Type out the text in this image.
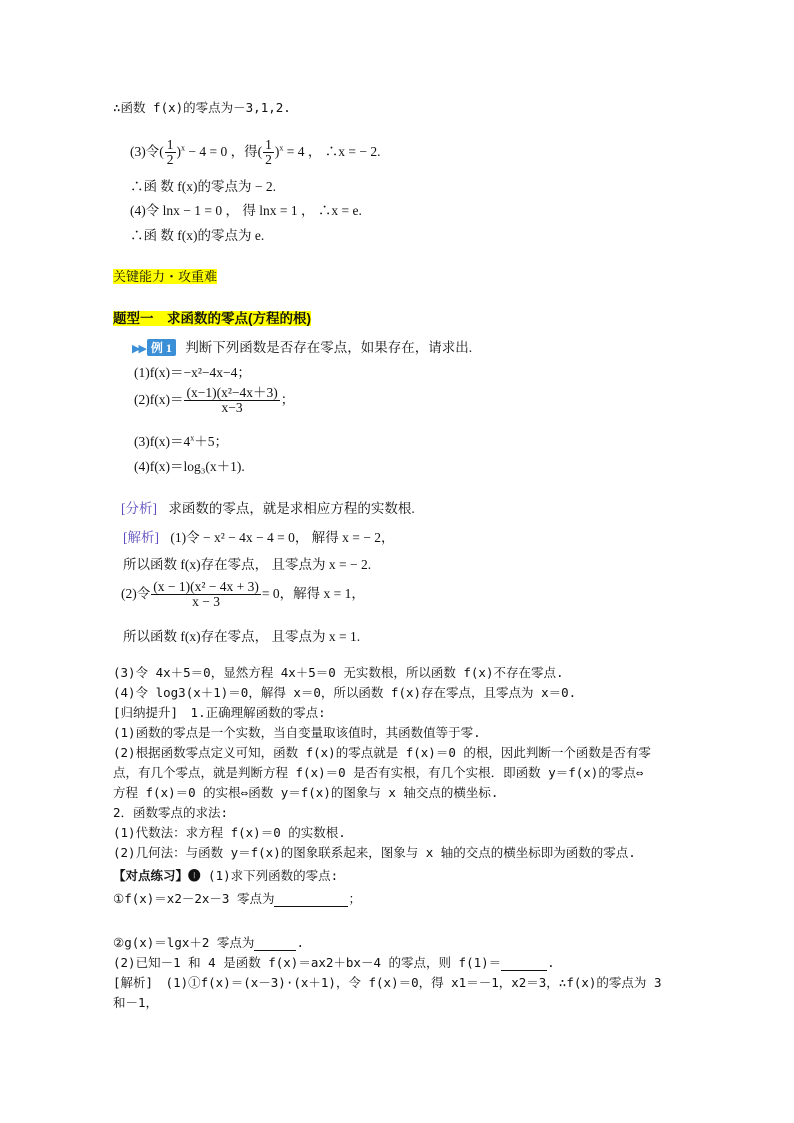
∴函数 f(x)的零点为－3,1,2.
(3)令( $\frac{1}{2} )^x - 4 = 0$ ，得( $\frac{1}{2} )^x = 4$ ， ∴x = − 2.
∴函 数 f(x)的零点为 − 2.
(4)令 lnx − 1 = 0 ， 得 lnx = 1 ， ∴x = e.
∴函 数 f(x)的零点为 e.
关键能力・攻重难
题型一　求函数的零点(方程的根)
▶▶ 例 1 判断下列函数是否存在零点，如果存在，请求出.
(1)f(x)＝−x²−4x−4；
$(2)f(x)= \frac{\text{(x−1)(x²−4x＋3)}}{x-3}$ ；
$(3)f(x)=4^x+5$；
(4)f(x)＝log₃(x＋1).
[分析] 求函数的零点，就是求相应方程的实数根.
[解析] (1)令 − x² − 4x − 4 = 0， 解得 x = − 2，
所以函数 f(x)存在零点， 且零点为 x = − 2.
(2)令 $\frac{\text{(x − 1)(x² − 4x + 3)}}{x - 3} = 0$，解得 x = 1，
所以函数 f(x)存在零点， 且零点为 x = 1.
(3)令 4x＋5＝0，显然方程 4x＋5＝0 无实数根，所以函数 f(x)不存在零点.
(4)令 log3(x＋1)＝0，解得 x＝0，所以函数 f(x)存在零点，且零点为 x＝0.
[归纳提升]　1.正确理解函数的零点:
(1)函数的零点是一个实数，当自变量取该值时，其函数值等于零.
(2)根据函数零点定义可知，函数 f(x)的零点就是 f(x)＝0 的根，因此判断一个函数是否有零
点，有几个零点，就是判断方程 f(x)＝0 是否有实根，有几个实根．即函数 y＝f(x)的零点⇔
方程 f(x)＝0 的实根⇔函数 y＝f(x)的图象与 x 轴交点的横坐标.
2．函数零点的求法:
(1)代数法：求方程 f(x)＝0 的实数根.
(2)几何法：与函数 y＝f(x)的图象联系起来，图象与 x 轴的交点的横坐标即为函数的零点.
【对点练习】❶ (1)求下列函数的零点:
①f(x)＝x2－2x－3 零点为	；
②g(x)＝lgx＋2 零点为	.
(2)已知－1 和 4 是函数 f(x)＝ax2＋bx－4 的零点，则 f(1)＝	.
[解析]　(1)①f(x)＝(x－3)·(x＋1)，令 f(x)＝0，得 x1＝－1，x2＝3，∴f(x)的零点为 3
和－1，
